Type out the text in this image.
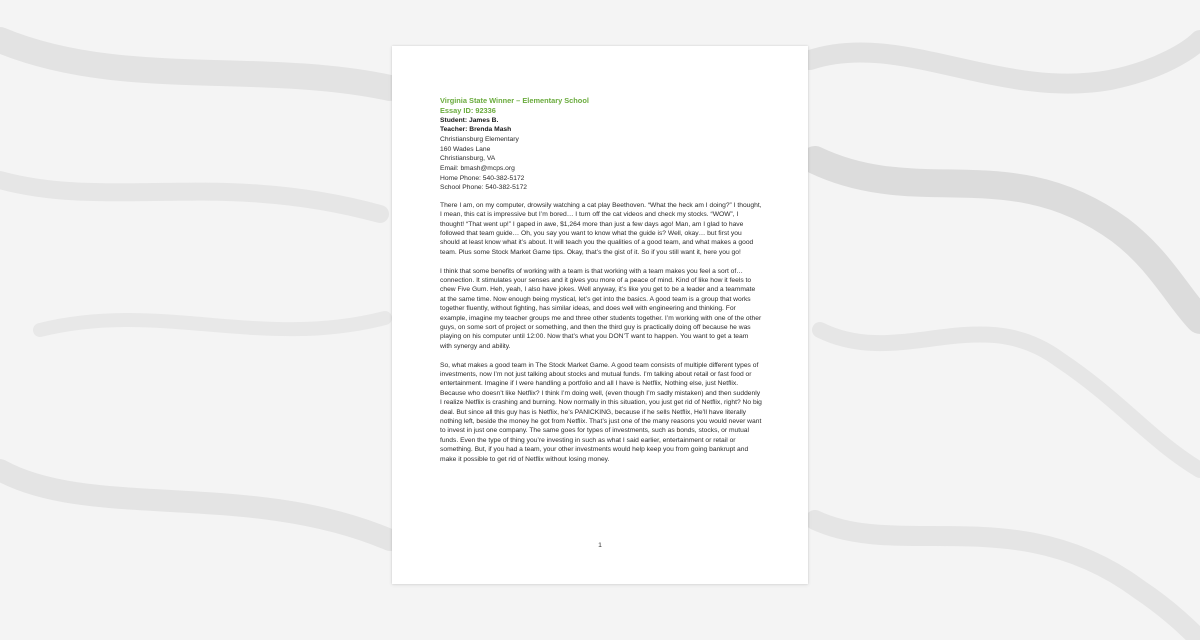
Virginia State Winner – Elementary School
Essay ID: 92336
Student: James B.
Teacher: Brenda Mash
Christiansburg Elementary
160 Wades Lane
Christiansburg, VA
Email: bmash@mcps.org
Home Phone: 540-382-5172
School Phone: 540-382-5172

There I am, on my computer, drowsily watching a cat play Beethoven. “What the heck am I doing?” I thought, I mean, this cat is impressive but I’m bored… I turn off the cat videos and check my stocks. “WOW”, I thought! “That went up!” I gaped in awe, $1,264 more than just a few days ago! Man, am I glad to have followed that team guide… Oh, you say you want to know what the guide is? Well, okay… but first you should at least know what it’s about. It will teach you the qualities of a good team, and what makes a good team. Plus some Stock Market Game tips. Okay, that’s the gist of it. So if you still want it, here you go!

I think that some benefits of working with a team is that working with a team makes you feel a sort of…connection. It stimulates your senses and it gives you more of a peace of mind. Kind of like how it feels to chew Five Gum. Heh, yeah, I also have jokes. Well anyway, it’s like you get to be a leader and a teammate at the same time. Now enough being mystical, let’s get into the basics. A good team is a group that works together fluently, without fighting, has similar ideas, and does well with engineering and thinking. For example, imagine my teacher groups me and three other students together. I’m working with one of the other guys, on some sort of project or something, and then the third guy is practically doing off because he was playing on his computer until 12:00. Now that’s what you DON’T want to happen. You want to get a team with synergy and ability.

So, what makes a good team in The Stock Market Game. A good team consists of multiple different types of investments, now I’m not just talking about stocks and mutual funds. I’m talking about retail or fast food or entertainment. Imagine if I were handling a portfolio and all I have is Netflix, Nothing else, just Netflix. Because who doesn’t like Netflix? I think I’m doing well, (even though I’m sadly mistaken) and then suddenly I realize Netflix is crashing and burning. Now normally in this situation, you just get rid of Netflix, right? No big deal. But since all this guy has is Netflix, he’s PANICKING, because if he sells Netflix, He’ll have literally nothing left, beside the money he got from Netflix. That’s just one of the many reasons you would never want to invest in just one company. The same goes for types of investments, such as bonds, stocks, or mutual funds. Even the type of thing you’re investing in such as what I said earlier, entertainment or retail or something. But, if you had a team, your other investments would help keep you from going bankrupt and make it possible to get rid of Netflix without losing money.

1
